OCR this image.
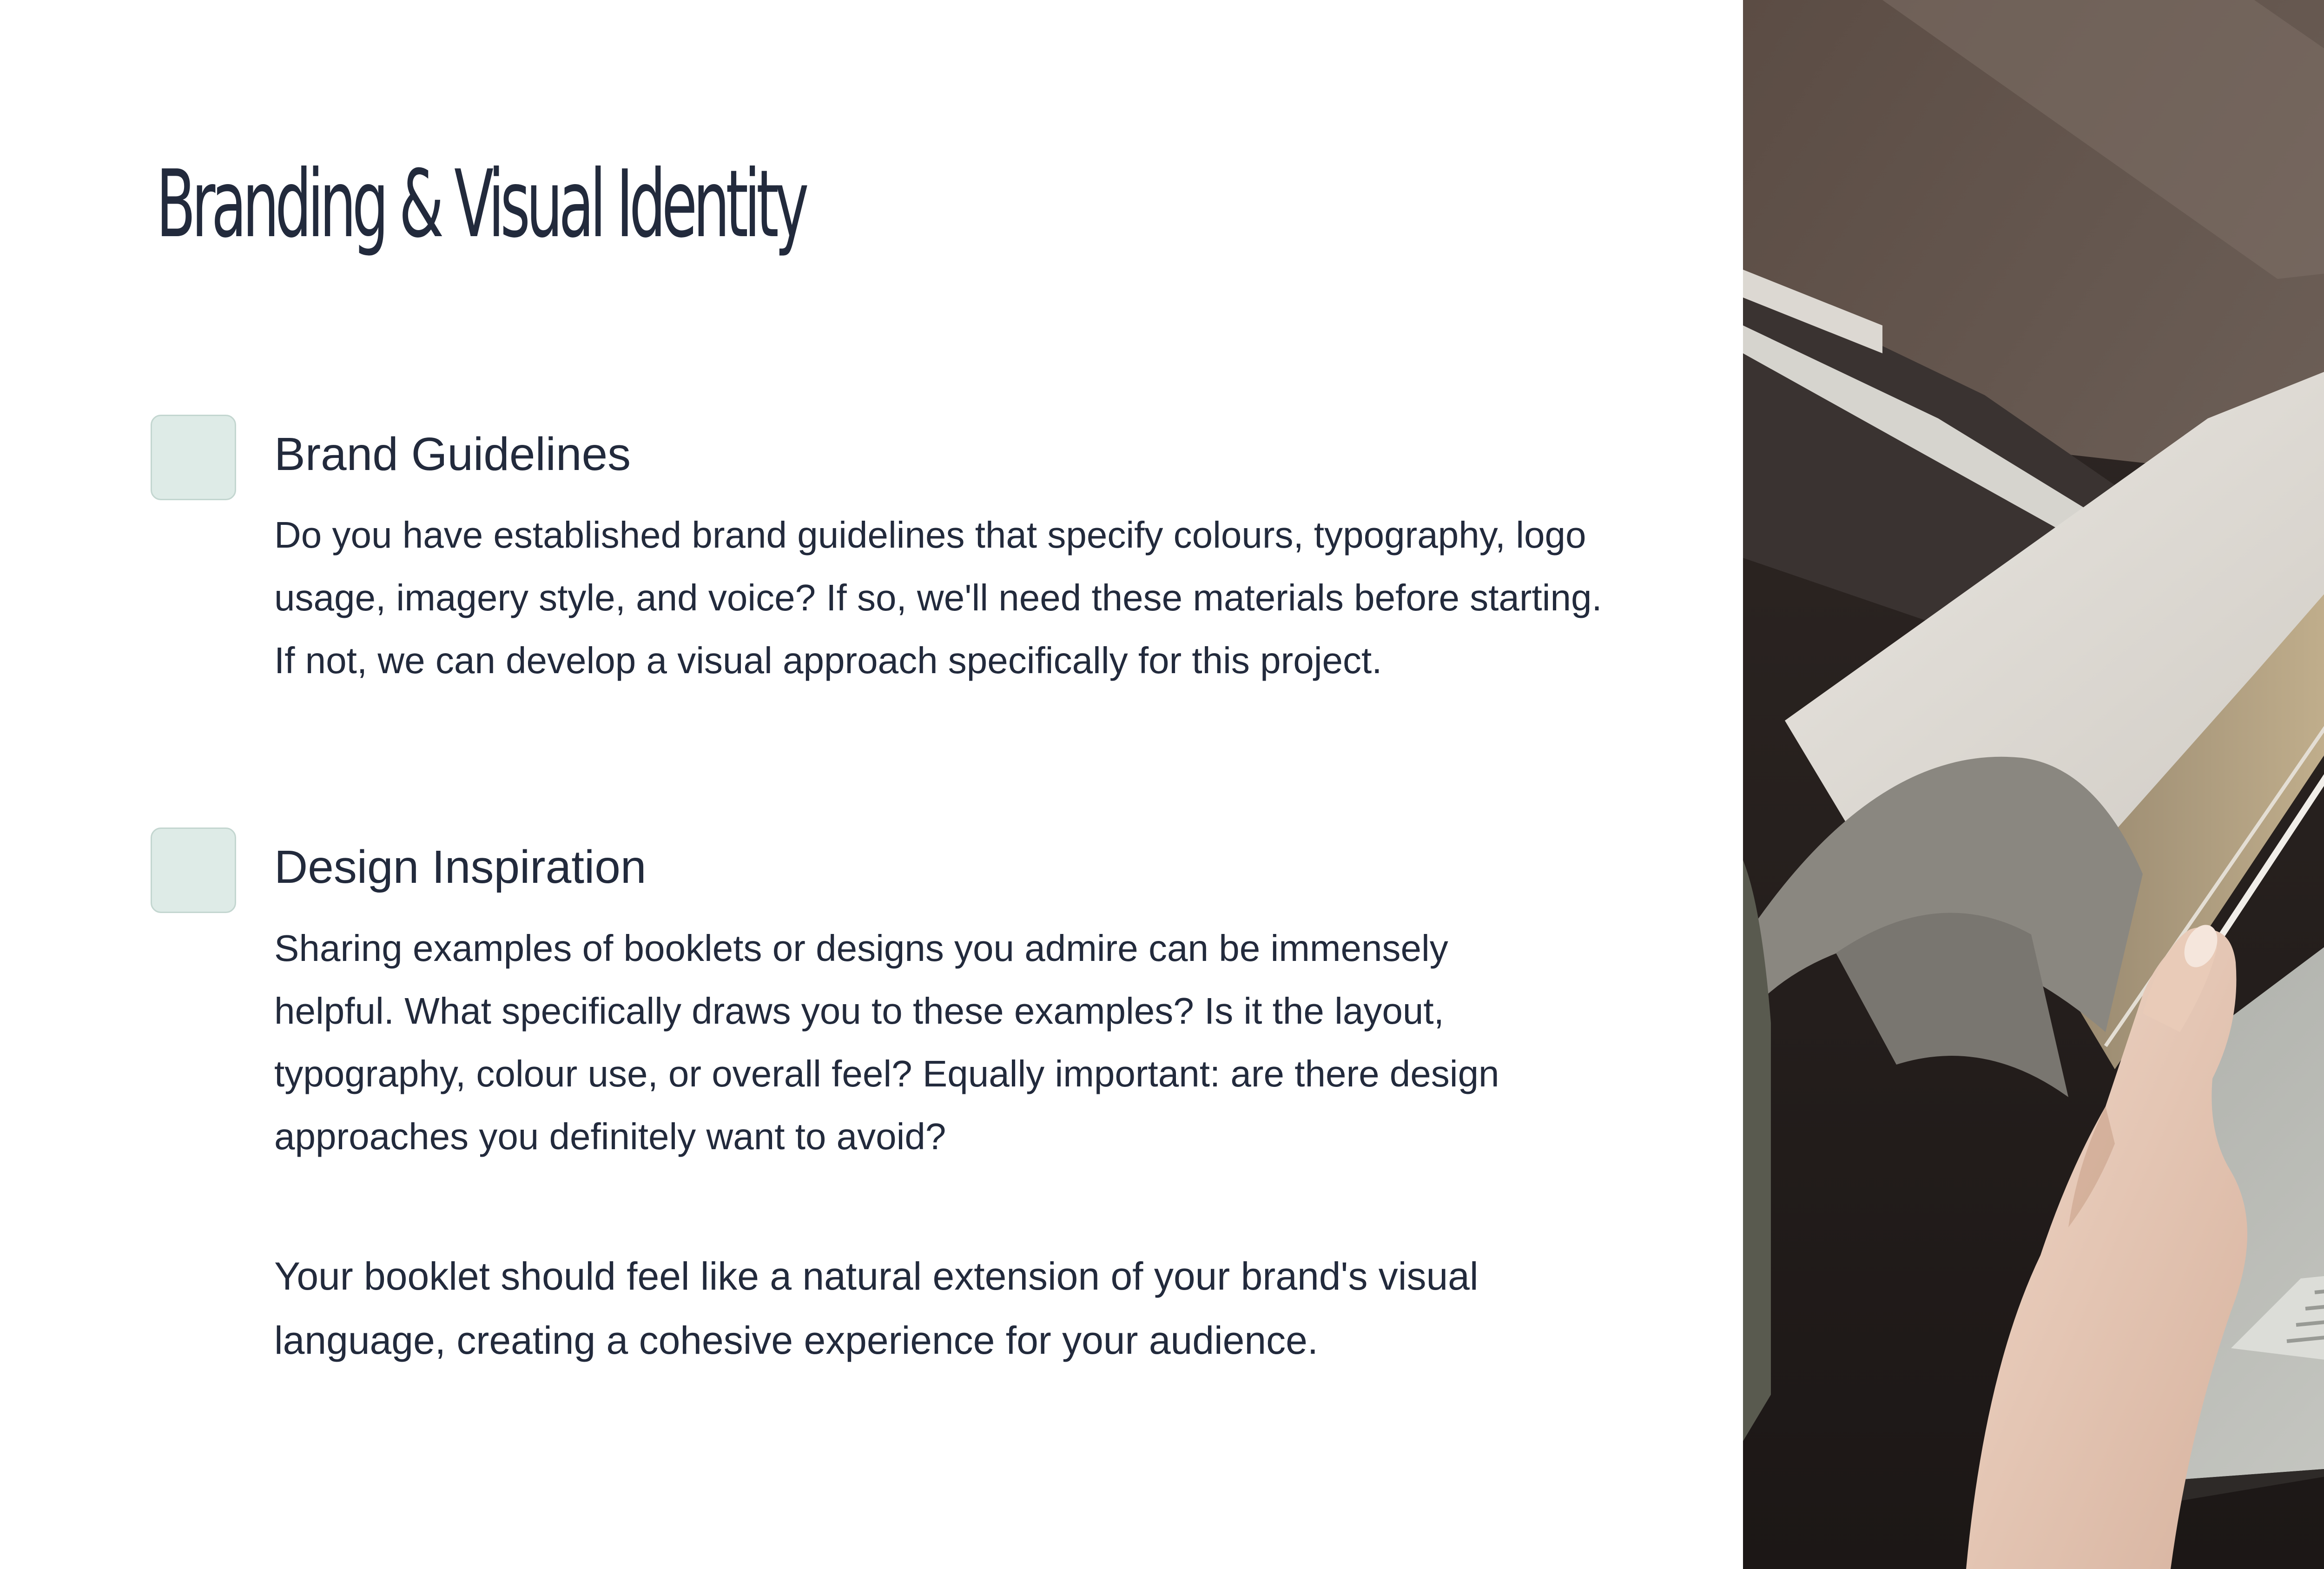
Branding & Visual Identity
Brand Guidelines

Do you have established brand guidelines that specify colours, typography, logo usage, imagery style, and voice? If so, we'll need these materials before starting. If not, we can develop a visual approach specifically for this project.

Design Inspiration

Sharing examples of booklets or designs you admire can be immensely helpful. What specifically draws you to these examples? Is it the layout, typography, colour use, or overall feel? Equally important: are there design approaches you definitely want to avoid?

Your booklet should feel like a natural extension of your brand's visual language, creating a cohesive experience for your audience.
